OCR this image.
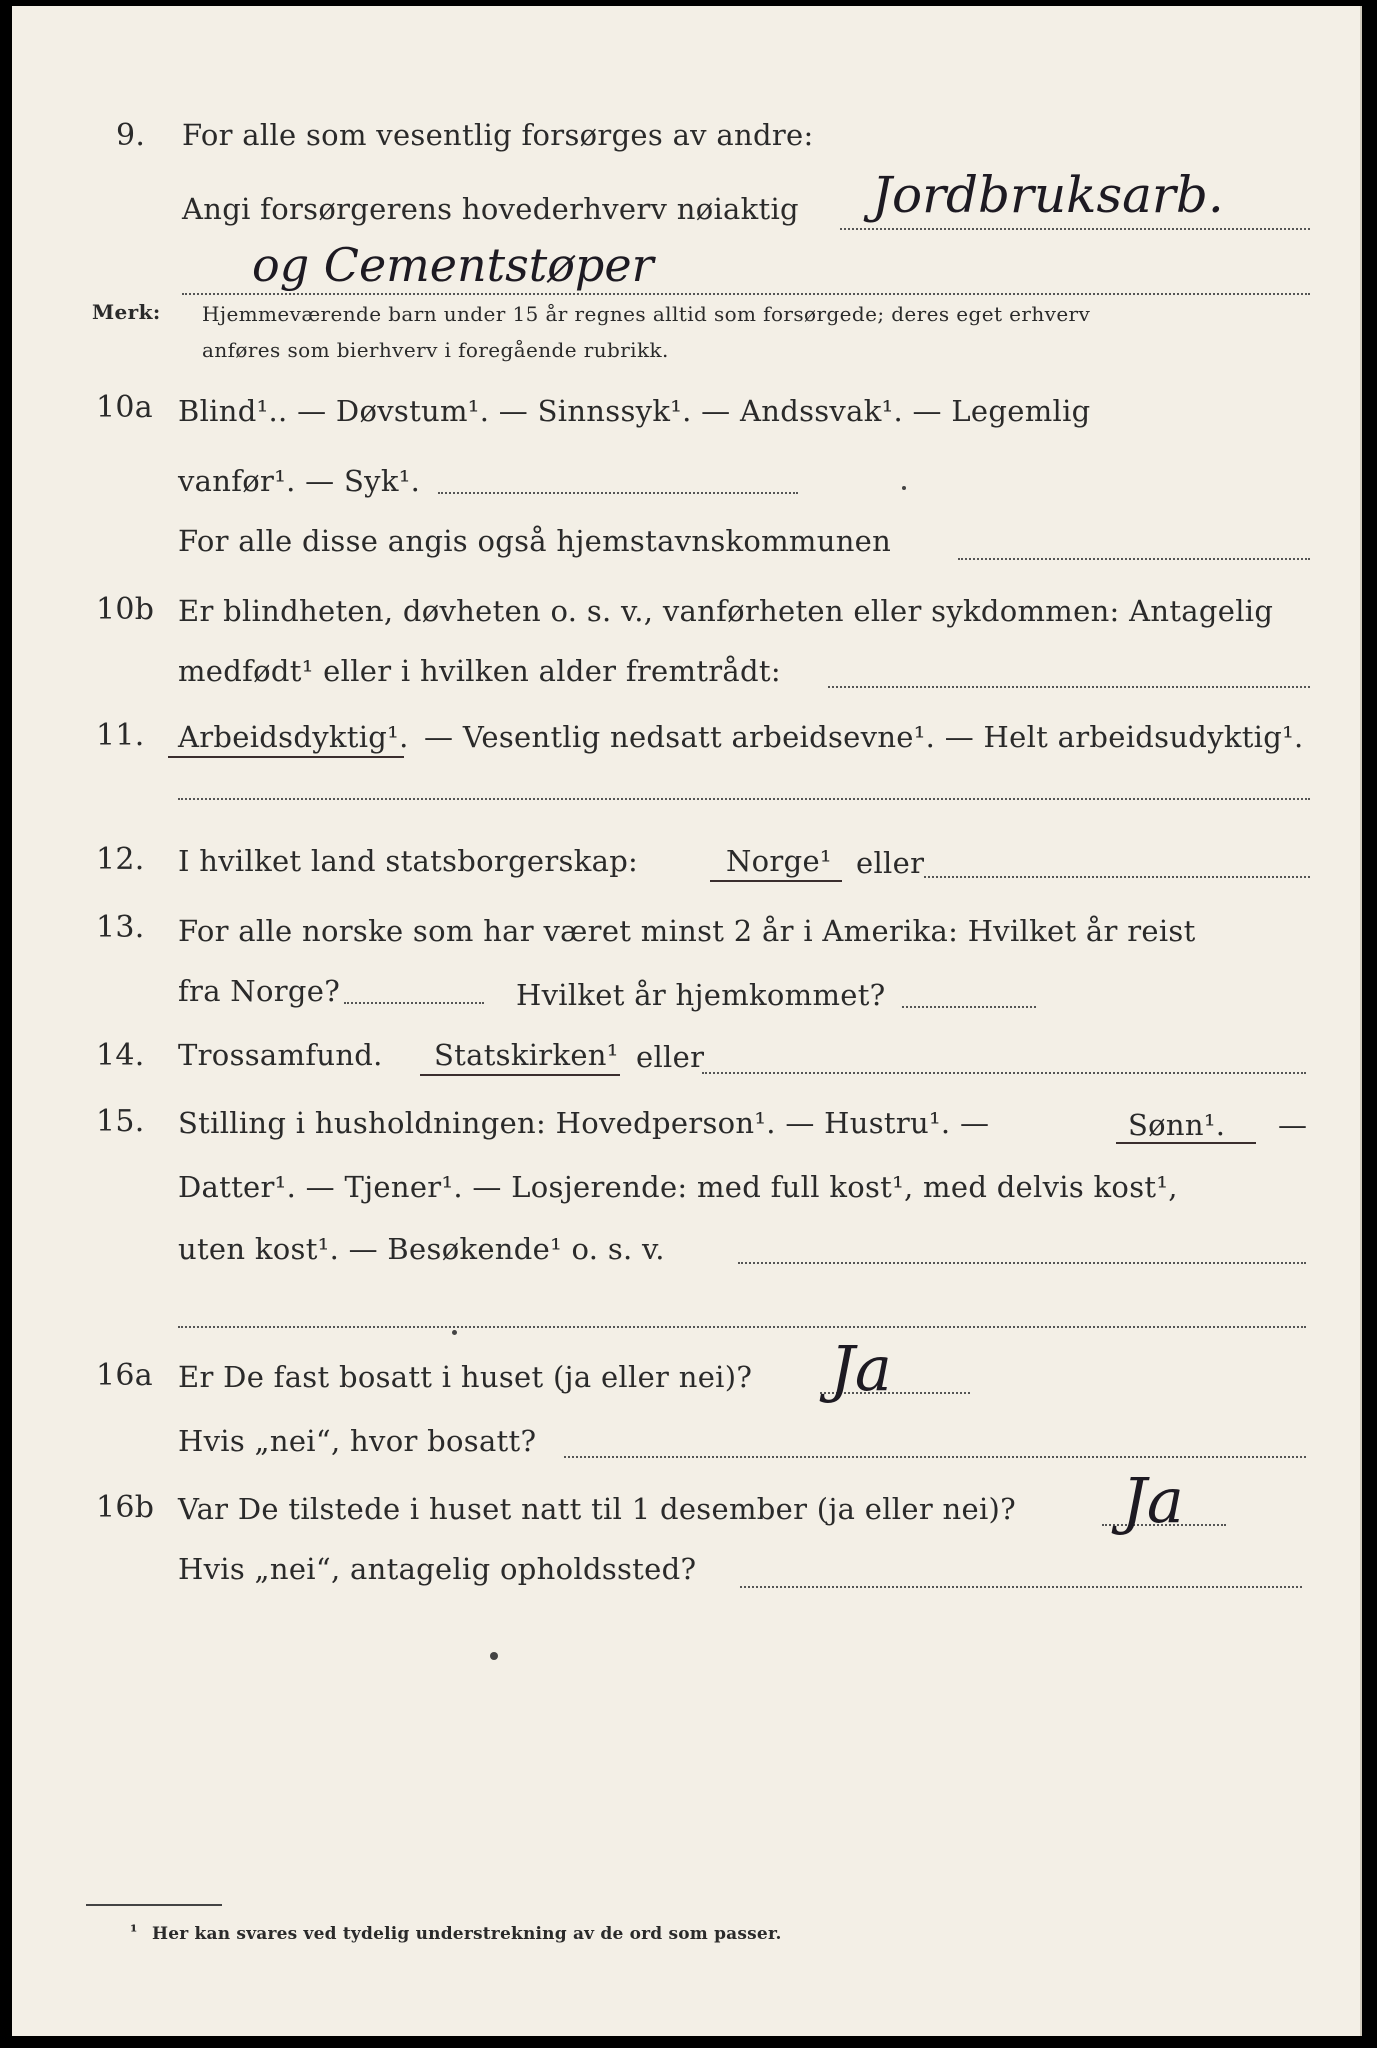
9. For alle som vesentlig forsørges av andre:
Angi forsørgerens hovederhverv nøiaktig Jordbruksarb.
og Cementstøper
Merk: Hjemmeværende barn under 15 år regnes alltid som forsørgede; deres eget erhverv
anføres som bierhverv i foregående rubrikk.
10a Blind¹.. — Døvstum¹. — Sinnssyk¹. — Andssvak¹. — Legemlig
vanfør¹. — Syk¹.
For alle disse angis også hjemstavnskommunen
10b Er blindheten, døvheten o. s. v., vanførheten eller sykdommen: Antagelig
medfødt¹ eller i hvilken alder fremtrådt:
11. Arbeidsdyktig¹. — Vesentlig nedsatt arbeidsevne¹. — Helt arbeidsudyktig¹.
12. I hvilket land statsborgerskap:	Norge¹ eller
13. For alle norske som har været minst 2 år i Amerika: Hvilket år reist
fra Norge?	Hvilket år hjemkommet?
14. Trossamfund. Statskirken¹ eller
15. Stilling i husholdningen: Hovedperson¹. — Hustru¹. —	Sønn¹. —
Datter¹. — Tjener¹. — Losjerende: med full kost¹, med delvis kost¹,
uten kost¹. — Besøkende¹ o. s. v.
16a Er De fast bosatt i huset (ja eller nei)? Ja
Hvis „nei“, hvor bosatt?
16b Var De tilstede i huset natt til 1 desember (ja eller nei)? Ja
Hvis „nei“, antagelig opholdssted?
¹ Her kan svares ved tydelig understrekning av de ord som passer.
